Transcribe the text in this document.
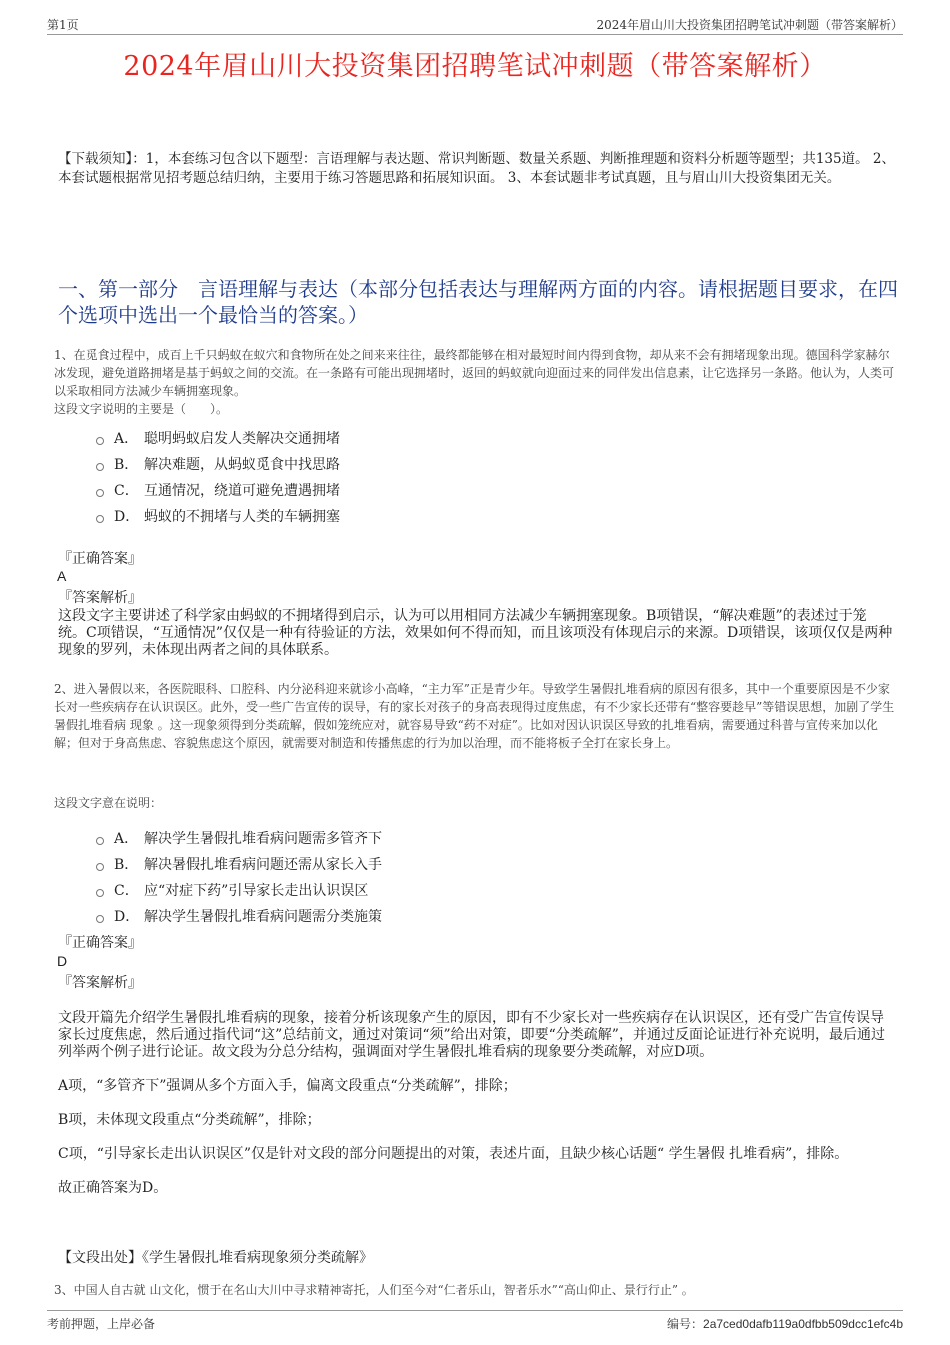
第1页	2024年眉山川大投资集团招聘笔试冲刺题（带答案解析）
2024年眉山川大投资集团招聘笔试冲刺题（带答案解析）
【下载须知】：1，本套练习包含以下题型：言语理解与表达题、常识判断题、数量关系题、判断推理题和资料分析题等题型；共135道。 2、本套试题根据常见招考题总结归纳，主要用于练习答题思路和拓展知识面。 3、本套试题非考试真题，且与眉山川大投资集团无关。
一、第一部分　言语理解与表达（本部分包括表达与理解两方面的内容。请根据题目要求，在四个选项中选出一个最恰当的答案。）
1、在觅食过程中，成百上千只蚂蚁在蚁穴和食物所在处之间来来往往，最终都能够在相对最短时间内得到食物，却从来不会有拥堵现象出现。德国科学家赫尔冰发现，避免道路拥堵是基于蚂蚁之间的交流。在一条路有可能出现拥堵时，返回的蚂蚁就向迎面过来的同伴发出信息素，让它选择另一条路。他认为，人类可以采取相同方法减少车辆拥塞现象。
这段文字说明的主要是（　　）。
A． 聪明蚂蚁启发人类解决交通拥堵
B． 解决难题，从蚂蚁觅食中找思路
C． 互通情况，绕道可避免遭遇拥堵
D． 蚂蚁的不拥堵与人类的车辆拥塞
『正确答案』
A
『答案解析』
这段文字主要讲述了科学家由蚂蚁的不拥堵得到启示，认为可以用相同方法减少车辆拥塞现象。B项错误，“解决难题”的表述过于笼统。C项错误，“互通情况”仅仅是一种有待验证的方法，效果如何不得而知，而且该项没有体现启示的来源。D项错误，该项仅仅是两种现象的罗列，未体现出两者之间的具体联系。
2、进入暑假以来，各医院眼科、口腔科、内分泌科迎来就诊小高峰，“主力军”正是青少年。导致学生暑假扎堆看病的原因有很多，其中一个重要原因是不少家长对一些疾病存在认识误区。此外，受一些广告宣传的误导，有的家长对孩子的身高表现得过度焦虑，有不少家长还带有“整容要趁早”等错误思想，加剧了学生暑假扎堆看病 现象 。这一现象须得到分类疏解，假如笼统应对，就容易导致“药不对症”。比如对因认识误区导致的扎堆看病，需要通过科普与宣传来加以化解；但对于身高焦虑、容貌焦虑这个原因，就需要对制造和传播焦虑的行为加以治理，而不能将板子全打在家长身上。
这段文字意在说明：
A． 解决学生暑假扎堆看病问题需多管齐下
B． 解决暑假扎堆看病问题还需从家长入手
C． 应“对症下药”引导家长走出认识误区
D． 解决学生暑假扎堆看病问题需分类施策
『正确答案』
D
『答案解析』

文段开篇先介绍学生暑假扎堆看病的现象，接着分析该现象产生的原因，即有不少家长对一些疾病存在认识误区，还有受广告宣传误导家长过度焦虑，然后通过指代词“这”总结前文，通过对策词“须”给出对策，即要“分类疏解”，并通过反面论证进行补充说明，最后通过列举两个例子进行论证。故文段为分总分结构，强调面对学生暑假扎堆看病的现象要分类疏解，对应D项。

A项，“多管齐下”强调从多个方面入手，偏离文段重点“分类疏解”，排除；

B项，未体现文段重点“分类疏解”，排除；

C项，“引导家长走出认识误区”仅是针对文段的部分问题提出的对策，表述片面，且缺少核心话题“ 学生暑假 扎堆看病”，排除。

故正确答案为D。

【文段出处】《学生暑假扎堆看病现象须分类疏解》
3、中国人自古就 山文化，惯于在名山大川中寻求精神寄托，人们至今对“仁者乐山，智者乐水”“高山仰止、景行行止” 。
考前押题，上岸必备	编号：2a7ced0dafb119a0dfbb509dcc1efc4b
